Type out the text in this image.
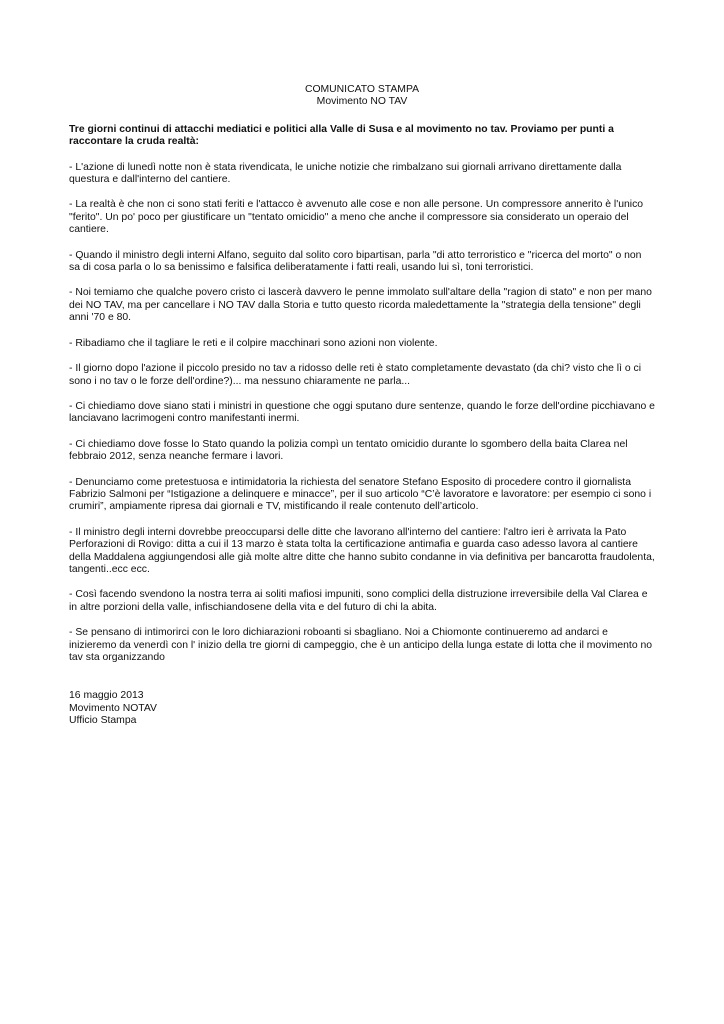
COMUNICATO STAMPA
Movimento NO TAV
Tre giorni continui di attacchi mediatici e politici alla Valle di Susa e al movimento no tav. Proviamo per punti a raccontare la cruda realtà:
- L'azione di lunedì notte non è stata rivendicata, le uniche notizie che rimbalzano sui giornali arrivano direttamente dalla questura e dall'interno del cantiere.
- La realtà è che non ci sono stati feriti e l'attacco è avvenuto alle cose e non alle persone. Un compressore annerito è l'unico "ferito". Un po' poco per giustificare un "tentato omicidio" a meno che anche il compressore sia considerato un operaio del cantiere.
- Quando il ministro degli interni Alfano, seguito dal solito coro bipartisan, parla "di atto terroristico e "ricerca del morto" o non sa di cosa parla o lo sa benissimo e falsifica deliberatamente i fatti reali, usando lui sì, toni terroristici.
- Noi temiamo che qualche povero cristo ci lascerà davvero le penne immolato sull'altare della "ragion di stato" e non per mano dei NO TAV, ma per cancellare i NO TAV dalla Storia e tutto questo ricorda maledettamente la "strategia della tensione" degli anni '70 e 80.
- Ribadiamo che il tagliare le reti e il colpire macchinari sono azioni non violente.
- Il giorno dopo l'azione il piccolo presido no tav a ridosso delle reti è stato completamente devastato (da chi? visto che lì o ci sono i no tav o le forze dell'ordine?)... ma nessuno chiaramente ne parla...
- Ci chiediamo dove siano stati i ministri in questione che oggi sputano dure sentenze, quando le forze dell'ordine picchiavano e lanciavano lacrimogeni contro manifestanti inermi.
- Ci chiediamo dove fosse lo Stato quando la polizia compì un tentato omicidio durante lo sgombero della baita Clarea nel febbraio 2012, senza neanche fermare i lavori.
- Denunciamo come pretestuosa e intimidatoria la richiesta del senatore Stefano Esposito di procedere contro il giornalista Fabrizio Salmoni per “Istigazione a delinquere e minacce”, per il suo articolo “C’è lavoratore e lavoratore: per esempio ci sono i crumiri”, ampiamente ripresa dai giornali e TV, mistificando il reale contenuto dell’articolo.
- Il ministro degli interni dovrebbe preoccuparsi delle ditte che lavorano all'interno del cantiere: l'altro ieri è arrivata la Pato Perforazioni di Rovigo: ditta a cui il 13 marzo è stata tolta la certificazione antimafia e guarda caso adesso lavora al cantiere della Maddalena aggiungendosi alle già molte altre ditte che hanno subito condanne in via definitiva per bancarotta fraudolenta, tangenti..ecc ecc.
- Così facendo svendono la nostra terra ai soliti mafiosi impuniti, sono complici della distruzione irreversibile della Val Clarea e in altre porzioni della valle, infischiandosene della vita e del futuro di chi la abita.
- Se pensano di intimorirci con le loro dichiarazioni roboanti si sbagliano. Noi a Chiomonte continueremo ad andarci e inizieremo da venerdì con l' inizio della tre giorni di campeggio, che è un anticipo della lunga estate di lotta che il movimento no tav sta organizzando
16 maggio 2013
Movimento NOTAV
Ufficio Stampa
